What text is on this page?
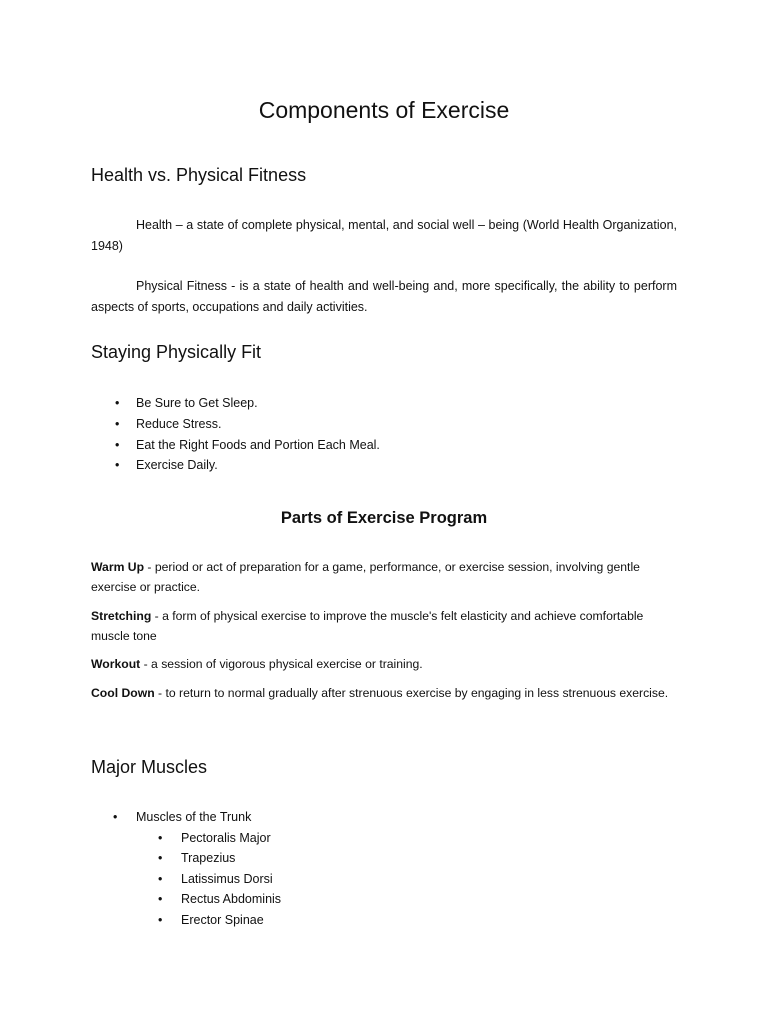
Components of Exercise
Health vs. Physical Fitness

Health – a state of complete physical, mental, and social well – being (World Health Organization, 1948)

Physical Fitness - is a state of health and well-being and, more specifically, the ability to perform aspects of sports, occupations and daily activities.

Staying Physically Fit
• Be Sure to Get Sleep.
• Reduce Stress.
• Eat the Right Foods and Portion Each Meal.
• Exercise Daily.
Parts of Exercise Program

Warm Up - period or act of preparation for a game, performance, or exercise session, involving gentle exercise or practice.

Stretching - a form of physical exercise to improve the muscle's felt elasticity and achieve comfortable muscle tone

Workout - a session of vigorous physical exercise or training.

Cool Down - to return to normal gradually after strenuous exercise by engaging in less strenuous exercise.

Major Muscles
• Muscles of the Trunk
• Pectoralis Major
• Trapezius
• Latissimus Dorsi
• Rectus Abdominis
• Erector Spinae
